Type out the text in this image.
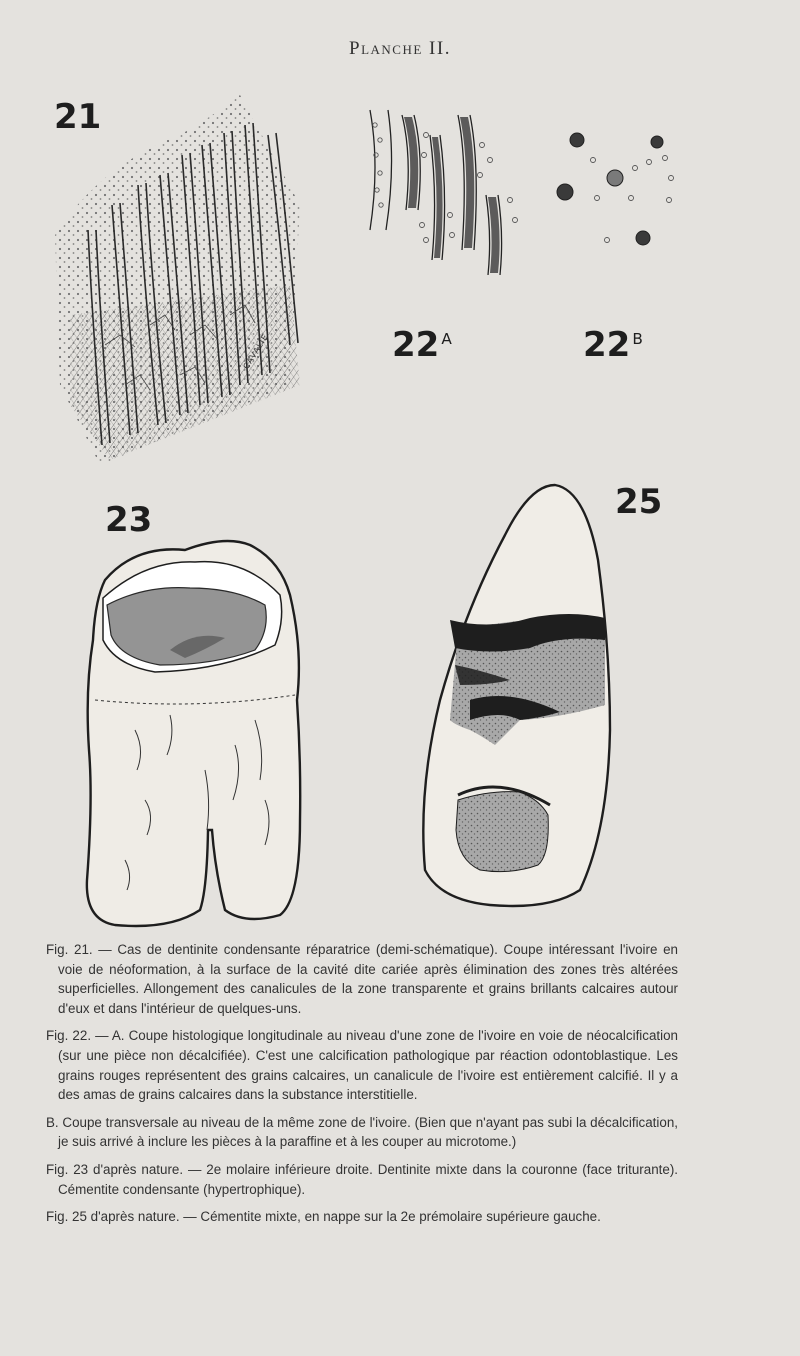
Planche II.
21
CAVALIÉ	22 $^A$	22 $^B$
23	25

Fig. 21. — Cas de dentinite condensante réparatrice (demi-schématique). Coupe intéressant l'ivoire en voie de néoformation, à la surface de la cavité dite cariée après élimination des zones très altérées superficielles. Allongement des canalicules de la zone transparente et grains brillants calcaires autour d'eux et dans l'intérieur de quelques-uns.

Fig. 22. — A. Coupe histologique longitudinale au niveau d'une zone de l'ivoire en voie de néocalcification (sur une pièce non décalcifiée). C'est une calcification pathologique par réaction odontoblastique. Les grains rouges représentent des grains calcaires, un canalicule de l'ivoire est entièrement calcifié. Il y a des amas de grains calcaires dans la substance interstitielle.

B. Coupe transversale au niveau de la même zone de l'ivoire. (Bien que n'ayant pas subi la décalcification, je suis arrivé à inclure les pièces à la paraffine et à les couper au microtome.)

Fig. 23 d'après nature. — 2e molaire inférieure droite. Dentinite mixte dans la couronne (face triturante). Cémentite condensante (hypertrophique).

Fig. 25 d'après nature. — Cémentite mixte, en nappe sur la 2e prémolaire supérieure gauche.
